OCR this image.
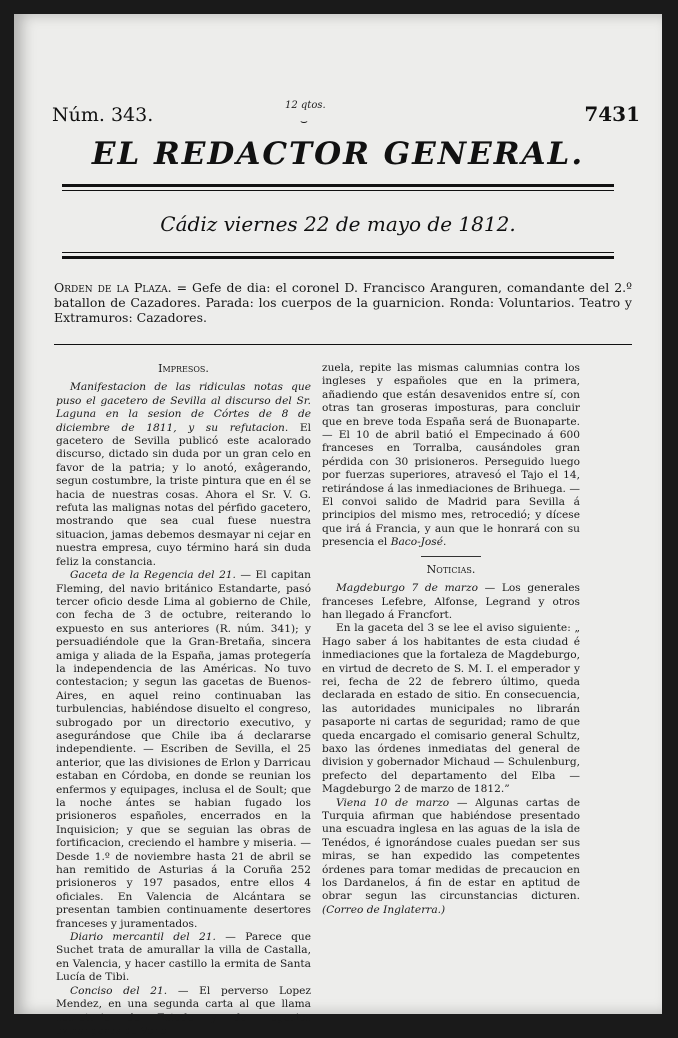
Núm. 343.	12 qtos.
⌣	7431
EL REDACTOR GENERAL.
Cádiz viernes 22 de mayo de 1812.
Orden de la Plaza. = Gefe de dia: el coronel D. Francisco Aranguren, comandante del 2.º batallon de Cazadores. Parada: los cuerpos de la guarnicion. Ronda: Voluntarios. Teatro y Extramuros: Cazadores.
Impresos.

Manifestacion de las ridiculas notas que puso el gacetero de Sevilla al discurso del Sr. Laguna en la sesion de Córtes de 8 de diciembre de 1811, y su refutacion. El gacetero de Sevilla publicó este acalorado discurso, dictado sin duda por un gran celo en favor de la patria; y lo anotó, exâgerando, segun costumbre, la triste pintura que en él se hacia de nuestras cosas. Ahora el Sr. V. G. refuta las malignas notas del pérfido gacetero, mostrando que sea cual fuese nuestra situacion, jamas debemos desmayar ni cejar en nuestra empresa, cuyo término hará sin duda feliz la constancia.

Gaceta de la Regencia del 21. — El capitan Fleming, del navio británico Estandarte, pasó tercer oficio desde Lima al gobierno de Chile, con fecha de 3 de octubre, reiterando lo expuesto en sus anteriores (R. núm. 341); y persuadiéndole que la Gran-Bretaña, sincera amiga y aliada de la España, jamas protegería la independencia de las Américas. No tuvo contestacion; y segun las gacetas de Buenos-Aires, en aquel reino continuaban las turbulencias, habiéndose disuelto el congreso, subrogado por un directorio executivo, y asegurándose que Chile iba á declararse independiente. — Escriben de Sevilla, el 25 anterior, que las divisiones de Erlon y Darricau estaban en Córdoba, en donde se reunian los enfermos y equipages, inclusa el de Soult; que la noche ántes se habian fugado los prisioneros españoles, encerrados en la Inquisicion; y que se seguian las obras de fortificacion, creciendo el hambre y miseria. — Desde 1.º de noviembre hasta 21 de abril se han remitido de Asturias á la Coruña 252 prisioneros y 197 pasados, entre ellos 4 oficiales. En Valencia de Alcántara se presentan tambien continuamente desertores franceses y juramentados.

Diario mercantil del 21. — Parece que Suchet trata de amurallar la villa de Castalla, en Valencia, y hacer castillo la ermita de Santa Lucía de Tibi.

Conciso del 21. — El perverso Lopez Mendez, en una segunda carta al que llama secretario de Estado y de negocios extrangeros de Vene-

zuela, repite las mismas calumnias contra los ingleses y españoles que en la primera, añadiendo que están desavenidos entre sí, con otras tan groseras imposturas, para concluir que en breve toda España será de Buonaparte. — El 10 de abril batió el Empecinado á 600 franceses en Torralba, causándoles gran pérdida con 30 prisioneros. Perseguido luego por fuerzas superiores, atravesó el Tajo el 14, retirándose á las inmediaciones de Brihuega. — El convoi salido de Madrid para Sevilla á principios del mismo mes, retrocedió; y dícese que irá á Francia, y aun que le honrará con su presencia el Baco-José.

Noticias.

Magdeburgo 7 de marzo — Los generales franceses Lefebre, Alfonse, Legrand y otros han llegado á Francfort.

En la gaceta del 3 se lee el aviso siguiente: „ Hago saber á los habitantes de esta ciudad é inmediaciones que la fortaleza de Magdeburgo, en virtud de decreto de S. M. I. el emperador y rei, fecha de 22 de febrero último, queda declarada en estado de sitio. En consecuencia, las autoridades municipales no librarán pasaporte ni cartas de seguridad; ramo de que queda encargado el comisario general Schultz, baxo las órdenes inmediatas del general de division y gobernador Michaud — Schulenburg, prefecto del departamento del Elba — Magdeburgo 2 de marzo de 1812.”

Viena 10 de marzo — Algunas cartas de Turquia afirman que habiéndose presentado una escuadra inglesa en las aguas de la isla de Tenédos, é ignorándose cuales puedan ser sus miras, se han expedido las competentes órdenes para tomar medidas de precaucion en los Dardanelos, á fin de estar en aptitud de obrar segun las circunstancias dicturen. (Correo de Inglaterra.)
